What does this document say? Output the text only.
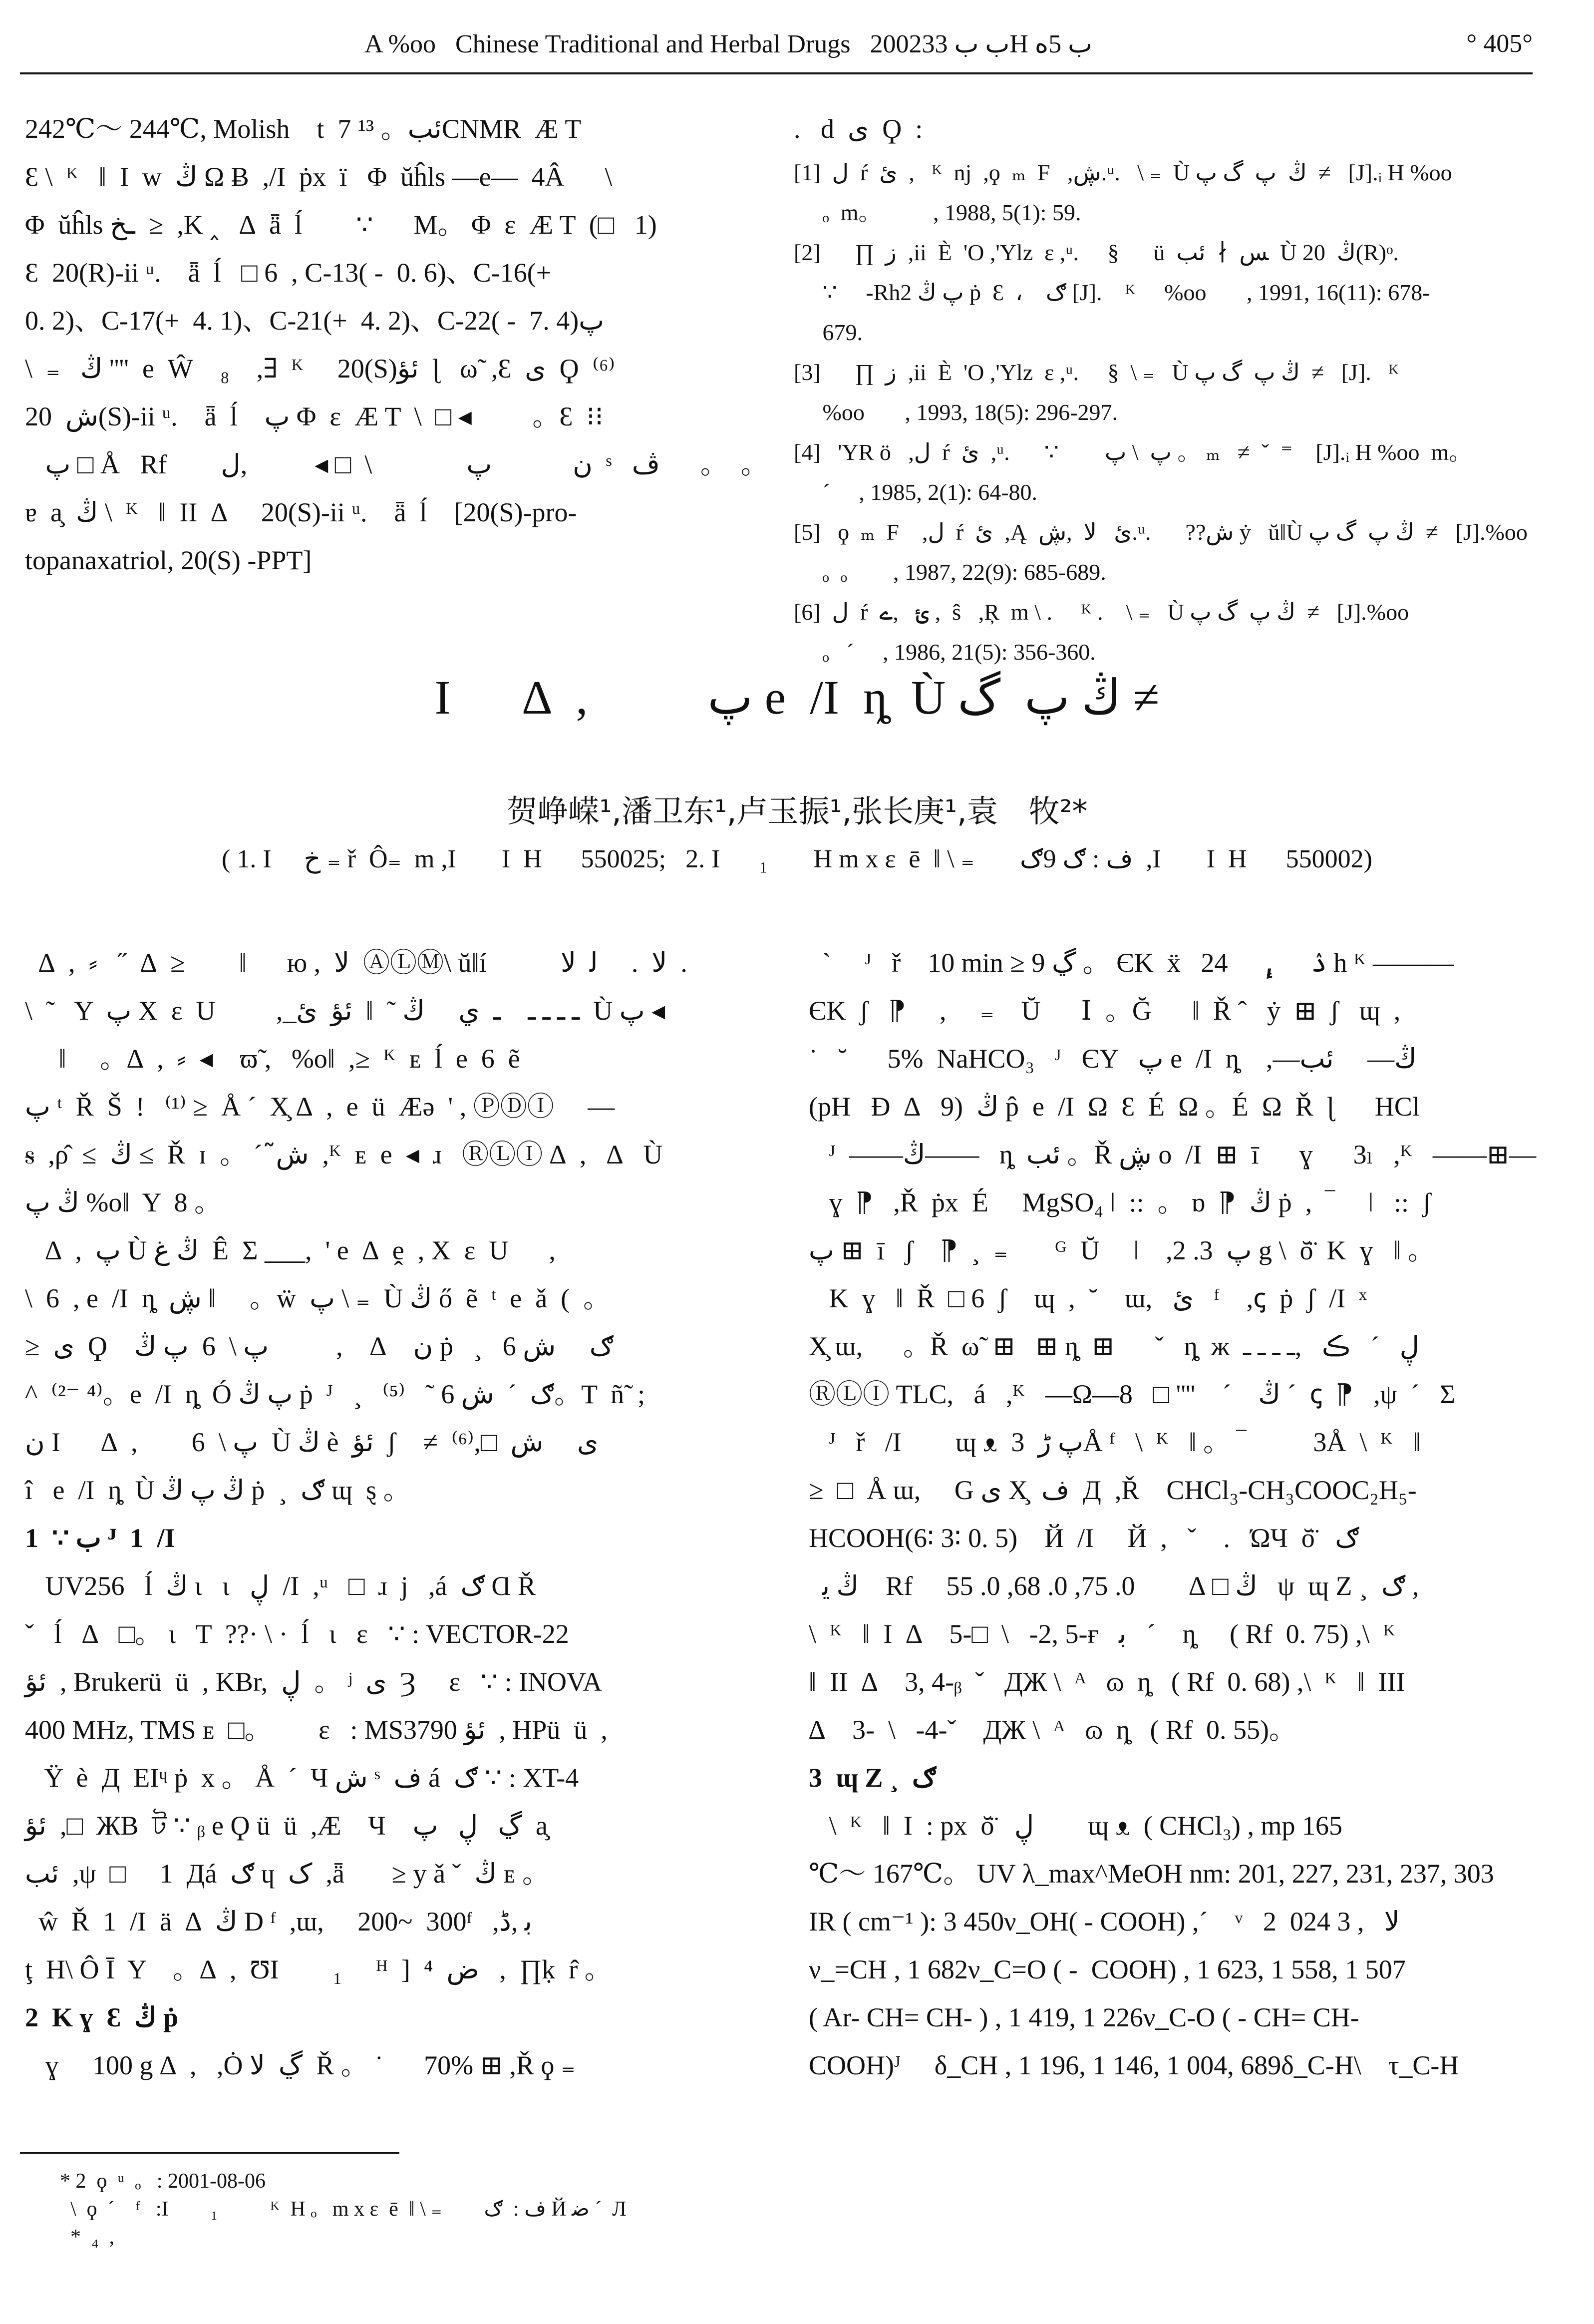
A %oo   Chinese Traditional and Herbal Drugs   2002ب ب 33H ب 5ه	° 405°

242℃～ 244℃, Molish    t  7 ئب。 ¹³CNMR  Æ T

Ɛ \  ᴷ   ‖  I  w  ڭ Ω Ƀ  ,/I  ṗx  ï   Φ  ŭĥls ―e―  4Â      \

Φ  ŭĥls ـخ  ≥  ,K ‸   ∆  ǟ  ĺ        ∵      M。 Φ  ɛ  Æ T  (□   1)

Ɛ  20(R)-ii ᵘ.    ǟ  ĺ   □ 6  , C-13( -  0. 6)、C-16(+

0. 2)、C-17(+  4. 1)、C-21(+  4. 2)、C-22( -  7. 4)پ

\  ₌   ڭ ''''  e  Ŵ    ₈    ,∃  ᴷ     20(S)ئؤ  ɭ   ω̃  ,Ɛ  ى  Ϙ  ⁽⁶⁾

ش  20(S)-ii ᵘ.    ǟ  ĺ    پ Φ  ɛ  Æ T  \  □ ◂         。Ɛ  ⁝⁝

پ □ Å   Rf        ن            پ              \  □ ◂          ,ﻝ  ˢ   ڤ      。  。

ɐ  a̧  ڭ \  ᴷ   ‖  II  ∆     20(S)-ii ᵘ.    ǟ  ĺ    [20(S)-pro-

topanaxatriol, 20(S) -PPT]

.   d  ى  Ϙ  :

[1]  ل  ŕ  ئ  ,   ᴷ  nj  ,ϙ  ₘ  F   ,ڜ.ᵘ.   \ ₌  Ù ڭ  پ  گ پ  ≠   [J].ᵢ H %oo

ₒ  m。         , 1988, 5(1): 59.

[2]      ∏  ز  ,ii  È  'O ,'Ylz  ɛ ,ᵘ.     §      ü  ﺲ  ∤  ئب  Ù ڭ  20(R)ᵒ.

∵     -Rh2 پ ڭ ṗ  Ɛ  ،    ګ [J].    ᴷ     %oo       , 1991, 16(11): 678-

679.

[3]      ∏  ز  ,ii  È  'O ,'Ylz  ɛ ,ᵘ.     §  \ ₌   Ù ڭ پ  گ پ  ≠   [J].   ᴷ

%oo       , 1993, 18(5): 296-297.

[4]   'YR ö   ,ل  ŕ  ئ  ,ᵘ.      ∵        پ  \ پ 。 ₘ   ≠  ˇ  ⁼    [J].ᵢ H %oo  m。

ˊ     , 1985, 2(1): 64-80.

[5]   ϙ  ₘ  F    ,ل  ŕ  ئ  ,Ą  ئ   ﻻ  ,ڜ.ᵘ.      ??ش ẏ   ŭ‖Ù ڭ پ  گ پ  ≠   [J].%oo

ₒ  ₒ        , 1987, 22(9): 685-689.

[6]  ل  ŕ  ئ   ,ے ,  ŝ   ,Ŗ  m \ .     ᴷ .    \ ₌   Ù ڭ پ  گ پ  ≠   [J].%oo

ₒ   ˊ     , 1986, 21(5): 356-360.

I      ∆  ,          پ e  /I  ȵ  Ù ڭ پ  گ ≠
贺峥嵘¹,潘卫东¹,卢玉振¹,张长庚¹,袁　牧²*
( 1. I     خ ₌ ř  Ô₌  m ,I       I  H      550025;   2. I      ₁       H m x ɛ  ē  ‖ \ ₌       ﻑ : ګ 9ګ  ,I       I  H      550002)

∆  ,  ⸗   ˝  ∆  ≥        ‖      ю ,  ﻻ  ⒶⓁⓂ\ ŭ‖í           ﻻ  .     ﻟ  ﻻ  .

\  ˜   Y  پ X  ɛ  U         ,_ـ ـ ـ ـ    ـ  ي     ڭ ˜  ‖  ئؤ  ئ  Ù پ ◂

‖     。∆  ,  ⸗  ◂    ϖ̃ ,   %o‖  ,≥  ᴷ  ᴇ  ĺ  e  6  ẽ

پ ᵗ  Ř  Š  !   ⁽¹⁾ ≥  Å ˊ  X̧ ∆  ,  e  ü  Æə  ' , ⓅⒹⒾ     ―

ꭶ  ,ρ̂  ≤  ڭ ≤  Ř  ɪ  。 ˊ  ﺵ̃  ,ᴷ  ᴇ  e  ◂  ɹ   ⓇⓁⒾ ∆  ,   ∆   Ù

ڭ پ %o‖  Y  8 。

∆  ,  پ Ù ڭ غ  Ê  Σ ___,  ' e  ∆  ḙ  , X  ɛ  U      ,

\  6  , e  /I  ȵ  ڜ ‖     。ẅ  پ \ ₌  Ù ڭ ő  ẽ  ᵗ  e  ǎ  (  。

≥  ى  Ϙ    ن    ∆    ,          پ \  6  پ ڭ ṗ   ¸   ګ     ش 6

^  ⁽²⁻ ⁴⁾。e  /I  ȵ  Ó پ ڭ ṗ  ᴶ   ¸   ګ  ˊ  ش 6 ˜   ⁽⁵⁾。T  ñ̃  ;

ن I      ∆  ,        پ \  6  Ù ڭ è  ئؤ  ʃ    ≠  ⁽⁶⁾,□  ى     ش

î   e  /I  ȵ  Ù ڭ پ ڭ ṗ  ¸  ګ ɰ  ȿ 。

1  ∵ ب ᴶ  1  /I

UV256   ĺ  ڭ ɩ   ɩ   ڸ  /I  ,ᵘ   □  ɹ  j   ,á  ګ Ɑ Ř

ˇ   ĺ   ∆   □。 ɩ   T  ??· \ ·  ĺ   ɩ   ɛ   ∵ : VECTOR-22

ئؤ  , Brukerü  ü  , KBr,  ڸ  。 ʲ  ى  Ȝ     ɛ   ∵ : INOVA

400 MHz, TMS ᴇ  □。       ɛ   : MS3790 ئؤ  , HPü  ü  ,

Ϋ  è  Д  EIᶣ ṗ  x 。 Å  ˊ  Ч ش ˢ  ﻑ á  ګ ∵ : XT-4

ئؤ  ,□  ЖB  ট ∵ ᵦ e Ϙ ü  ü  ,Æ    Ч    ڲ   ڸ   پ  a̧

ئب  ,ψ  □     1  Дá  ګ ɥ  ک  ,ǟ       ≥ y ǎ ˇ  ڭ ᴇ 。

ŵ  Ř  1  /I  ä  ∆  ڭ D ᶠ  ,ɯ,     200~  300ᶠ   ,ﺑ ,ڈ

ţ  H\ Ô Ī  Y    。∆  ,  ƱI        ₁     ᴴ  ]  ⁴  ﺽ   ,  ∏ḳ  r̂ 。

2  K ɣ  Ɛ  ڭ ṗ

ɣ     100 g ∆  ,   ,Ȯ ڲ  ﻻ  Ř 。 ˙      70% ⊞ ,Ř ϙ ₌

ˋ     ᴶ   ř    10 min ≥ 9 ڲ 。 ЄK  ẍ   ۮ     ,ٕ     24 h ᴷ ―――

ЄK  ʃ   ⁋     ,     ₌    Ŭ      Ⅰ  。Ğ      ‖  Ř ˆ   ẏ  ⊞  ʃ   ɰ  ,

˙   ˘      5%  NaHCO₃   ᴶ   ЄY   پ e  /I  ȵ    ,―ڭ―     ئب

(pH   Ɖ  ∆   9)  ڭ p̂  e  /I  Ω  Ɛ  É  Ω 。É  Ω  Ř  ɭ      HCl

ᴶ  ――ڭ――   ȵ  ئب 。Ř ڜ o  /I  ⊞  ī      ɣ      3ₗ   ,ᴷ   ――⊞―

ɣ  ⁋   ,Ř  ṗx  É     MgSO₄ ǀ  ::  。 ɒ  ⁋  ڭ ṗ  ,  ‾     ǀ   ::  ʃ

پ ⊞  ī   ʃ    ⁋  ¸  ₌       ᴳ  Ŭ     ǀ    ,پ  3. 2 g \  ŏ̈  K  ɣ   ‖ 。

K  ɣ   ‖  Ř  □ 6  ʃ    ɰ  ,  ˘    ɯ,   ئ   ᶠ    ,ꞔ  ṗ  ʃ  /I  ˣ

X̧ ɯ,      。Ř  ω̃  ⊞   ⊞ ȵ  ⊞      ˇ   ȵ  ж  ڸ   ˊ   ڪ   ,ـ ـ ـ ـ

ⓇⓁⒾ TLC,   á   ,ᴷ   ―Ω―8   □ ''''    ˊ    ڭ ˊ  ꞔ  ⁋   ,ψ  ˊ   Σ

ᴶ   ř   /I        ɰ ᴥ  پ ڑ  3Å ᶠ   \  ᴷ   ‖ 。 ‾          3Å  \  ᴷ   ‖

≥  □  Å ɯ,     G ى X̧  ﻑ  Д  ,Ř    CHCl₃-CH₃COOC₂H₅-

HCOOH(6∶ 3∶ 0. 5)    Й  /I     Й  ,   ˇ    .   ΏЧ  ŏ̈   ګ

ڭ ﯾ    Rf     ڭ □ ∆        0. 75, 0. 68, 0. 55   ψ  ɰ Z ¸  ګ ,

\  ᴷ   ‖  I  ∆    5-□  \   -2, 5-ғ   ﺑ   ˊ    ȵ     ( Rf  0. 75) ,\  ᴷ

‖  II  ∆    3, 4-ᵦ  ˇ   ДЖ \  ᴬ   ɷ  ȵ   ( Rf  0. 68) ,\  ᴷ   ‖  III

∆    3-  \   -4-ˇ    ДЖ \  ᴬ   ɷ  ȵ   ( Rf  0. 55)。

3  ɰ Z ¸  ګ

\  ᴷ   ‖  I  : px  ŏ̈   ڸ        ɰ ᴥ  ( CHCl₃) , mp 165

℃～ 167℃。 UV λ_max^MeOH nm: 201, 227, 231, 237, 303

IR ( cm⁻¹ ): 3 450ν_OH( - COOH) ,ˊ    ᵛ   2  ﻻ   , 3 024

ν_=CH , 1 682ν_C=O ( -  COOH) , 1 623, 1 558, 1 507

( Ar- CH= CH- ) , 1 419, 1 226ν_C-O ( - CH= CH-

COOH)ᴶ     δ_CH , 1 196, 1 146, 1 004, 689δ_C-H\    τ_C-H

* 2  ϙ  ᵘ  ₒ   : 2001-08-06

\  ϙ  ˊ    ᶠ   :I        ₁          ᴷ  H ₒ   m x ɛ  ē  ‖ \ ₌        ﻑ :  ګ Й ﺿ ˊ  Л

*  ₄  ,
